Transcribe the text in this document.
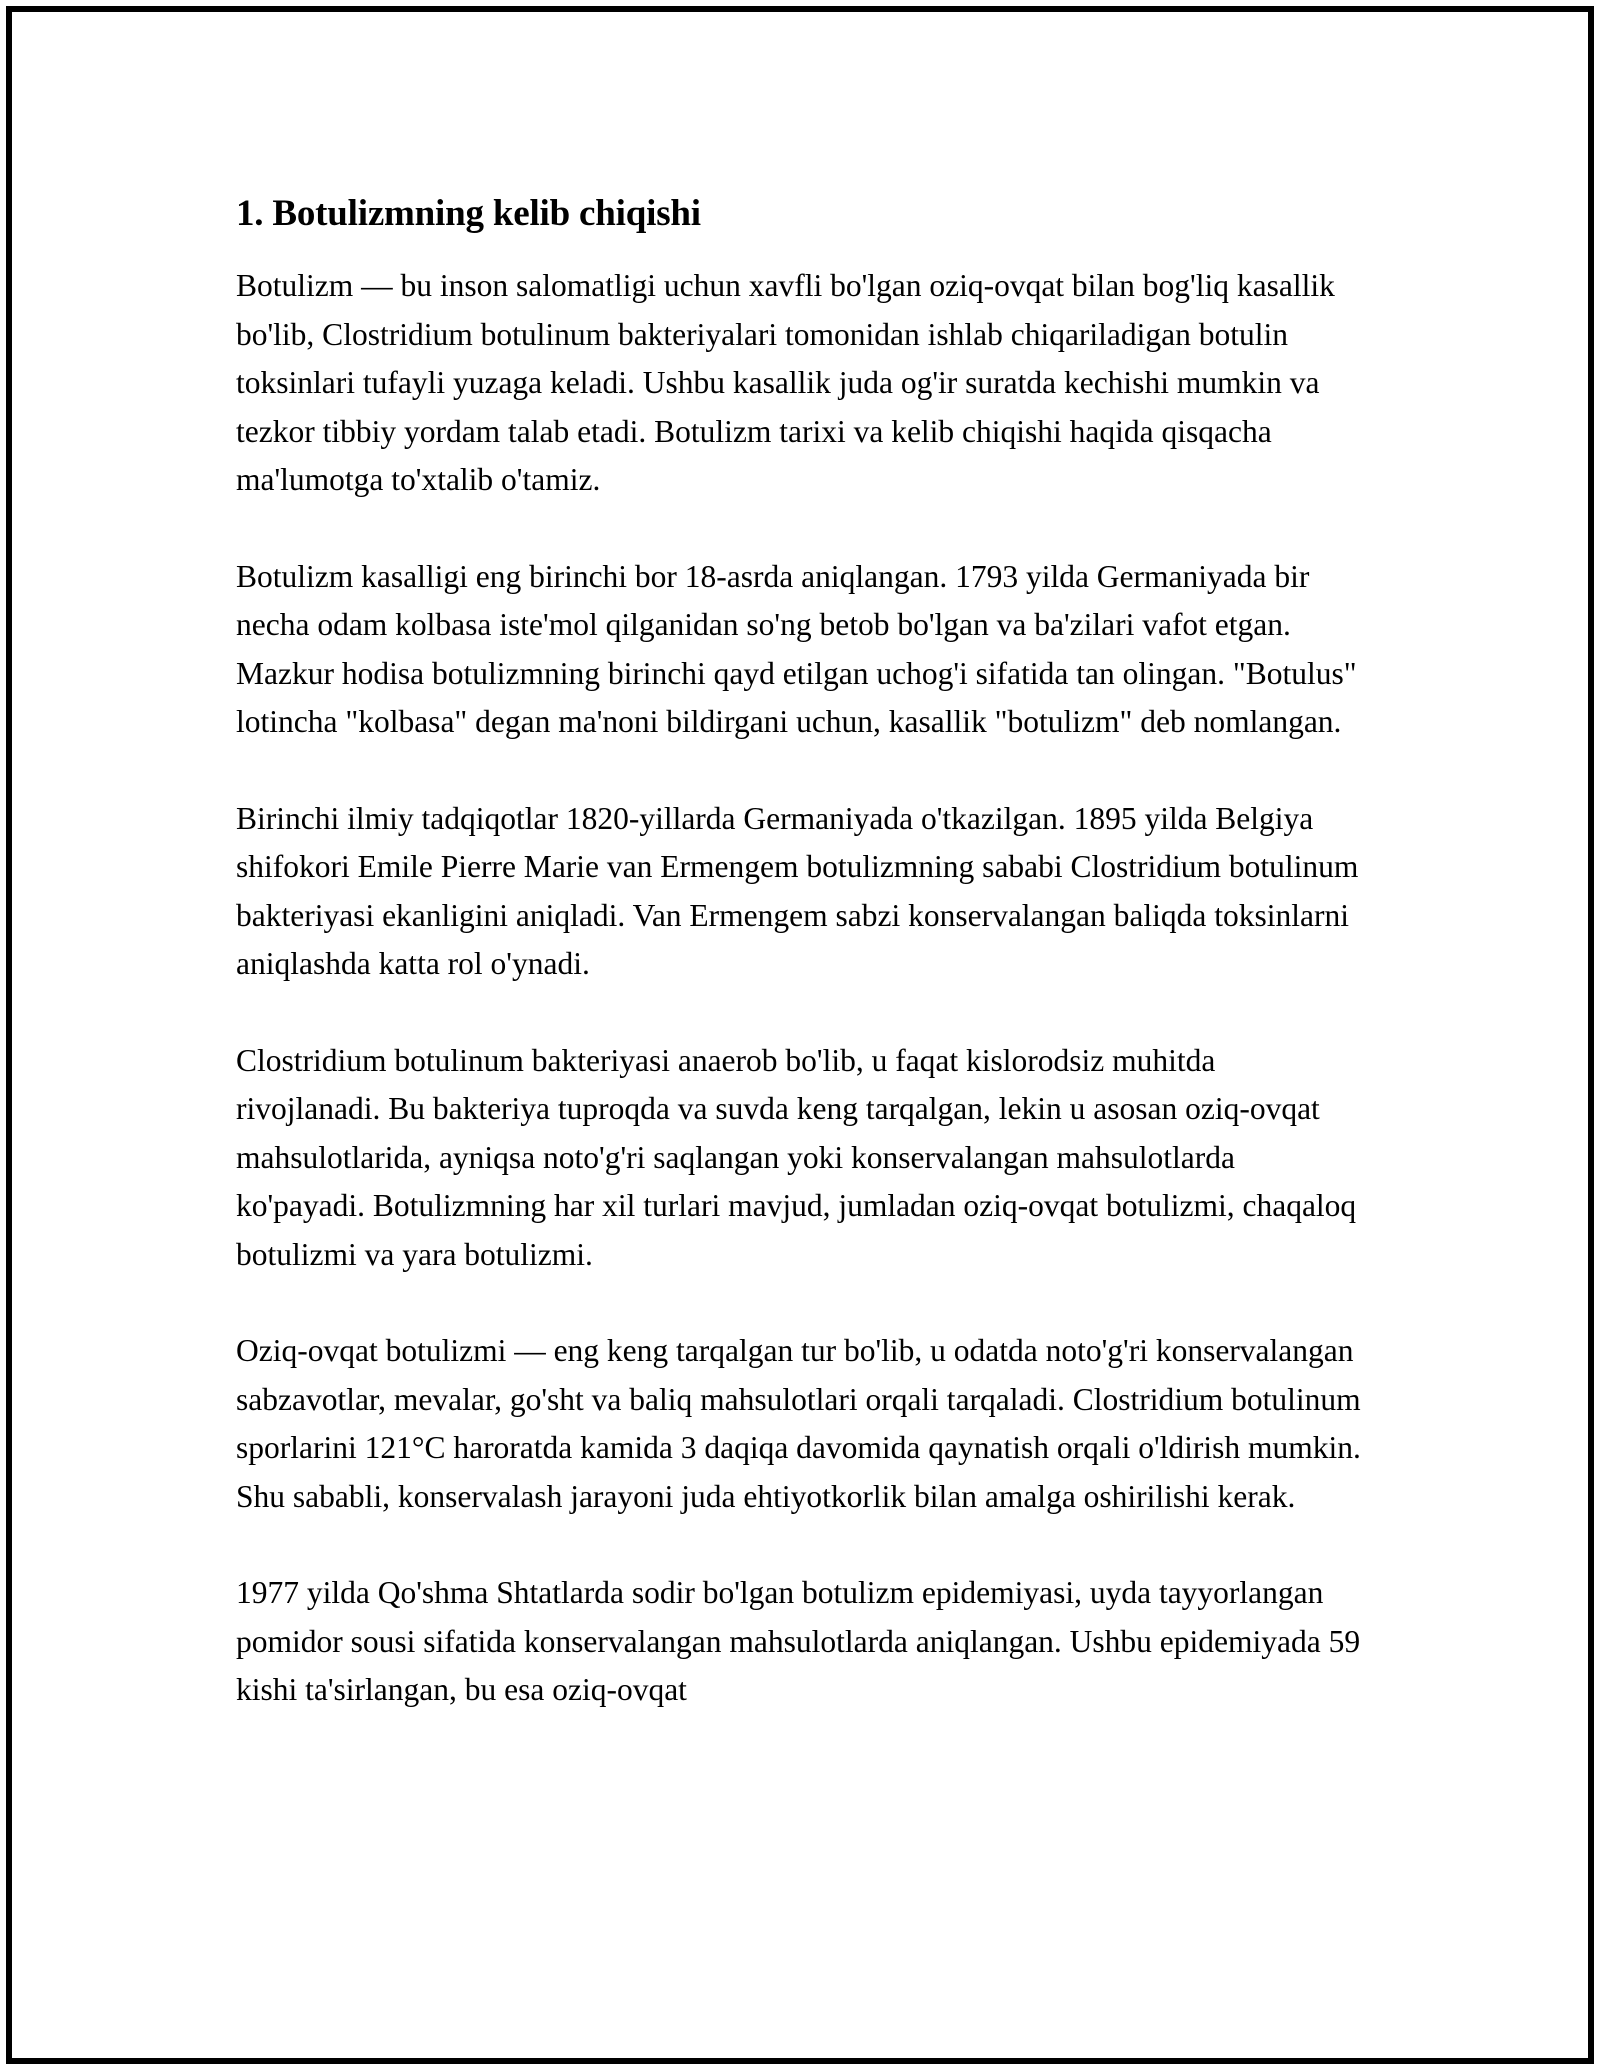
1. Botulizmning kelib chiqishi

Botulizm — bu inson salomatligi uchun xavfli bo'lgan oziq-ovqat bilan bog'liq kasallik bo'lib, Clostridium botulinum bakteriyalari tomonidan ishlab chiqariladigan botulin toksinlari tufayli yuzaga keladi. Ushbu kasallik juda og'ir suratda kechishi mumkin va tezkor tibbiy yordam talab etadi. Botulizm tarixi va kelib chiqishi haqida qisqacha ma'lumotga to'xtalib o'tamiz.

Botulizm kasalligi eng birinchi bor 18-asrda aniqlangan. 1793 yilda Germaniyada bir necha odam kolbasa iste'mol qilganidan so'ng betob bo'lgan va ba'zilari vafot etgan. Mazkur hodisa botulizmning birinchi qayd etilgan uchog'i sifatida tan olingan. "Botulus" lotincha "kolbasa" degan ma'noni bildirgani uchun, kasallik "botulizm" deb nomlangan.

Birinchi ilmiy tadqiqotlar 1820-yillarda Germaniyada o'tkazilgan. 1895 yilda Belgiya shifokori Emile Pierre Marie van Ermengem botulizmning sababi Clostridium botulinum bakteriyasi ekanligini aniqladi. Van Ermengem sabzi konservalangan baliqda toksinlarni aniqlashda katta rol o'ynadi.

Clostridium botulinum bakteriyasi anaerob bo'lib, u faqat kislorodsiz muhitda rivojlanadi. Bu bakteriya tuproqda va suvda keng tarqalgan, lekin u asosan oziq-ovqat mahsulotlarida, ayniqsa noto'g'ri saqlangan yoki konservalangan mahsulotlarda ko'payadi. Botulizmning har xil turlari mavjud, jumladan oziq-ovqat botulizmi, chaqaloq botulizmi va yara botulizmi.

Oziq-ovqat botulizmi — eng keng tarqalgan tur bo'lib, u odatda noto'g'ri konservalangan sabzavotlar, mevalar, go'sht va baliq mahsulotlari orqali tarqaladi. Clostridium botulinum sporlarini 121°C haroratda kamida 3 daqiqa davomida qaynatish orqali o'ldirish mumkin. Shu sababli, konservalash jarayoni juda ehtiyotkorlik bilan amalga oshirilishi kerak.

1977 yilda Qo'shma Shtatlarda sodir bo'lgan botulizm epidemiyasi, uyda tayyorlangan pomidor sousi sifatida konservalangan mahsulotlarda aniqlangan. Ushbu epidemiyada 59 kishi ta'sirlangan, bu esa oziq-ovqat
